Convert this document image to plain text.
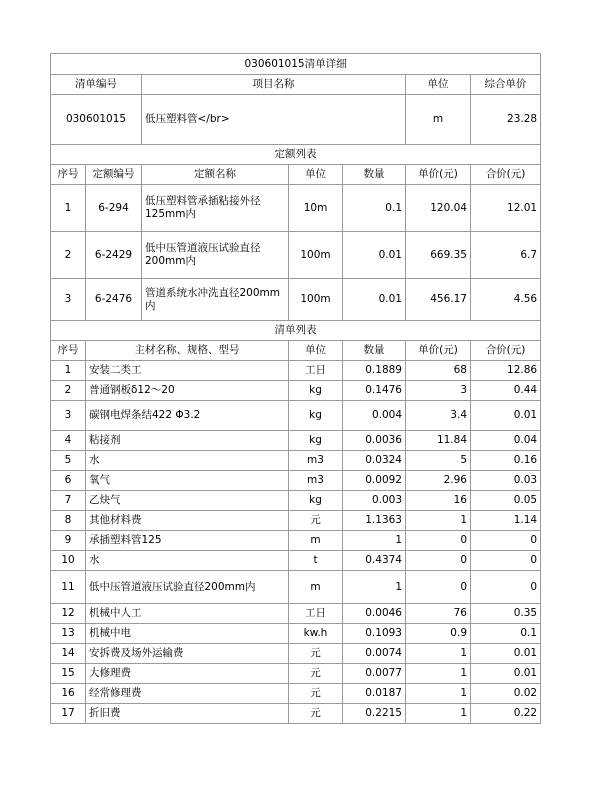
030601015清单详细						
清单编号		项目名称			单位	综合单价
030601015		低压塑料管</br>			m	23.28
定额列表						
序号	定额编号	定额名称	单位	数量	单价(元)	合价(元)
1	6-294	低压塑料管承插粘接外径125mm内	10m	0.1	120.04	12.01
2	6-2429	低中压管道液压试验直径200mm内	100m	0.01	669.35	6.7
3	6-2476	管道系统水冲洗直径200mm内	100m	0.01	456.17	4.56
清单列表						
序号	主材名称、规格、型号		单位	数量	单价(元)	合价(元)
1	安装二类工		工日	0.1889	68	12.86
2	普通钢板δ12～20		kg	0.1476	3	0.44
3	碳钢电焊条结422 Φ3.2		kg	0.004	3.4	0.01
4	粘接剂		kg	0.0036	11.84	0.04
5	水		m3	0.0324	5	0.16
6	氧气		m3	0.0092	2.96	0.03
7	乙炔气		kg	0.003	16	0.05
8	其他材料费		元	1.1363	1	1.14
9	承插塑料管125		m	1	0	0
10	水		t	0.4374	0	0
11	低中压管道液压试验直径200mm内		m	1	0	0
12	机械中人工		工日	0.0046	76	0.35
13	机械中电		kw.h	0.1093	0.9	0.1
14	安拆费及场外运输费		元	0.0074	1	0.01
15	大修理费		元	0.0077	1	0.01
16	经常修理费		元	0.0187	1	0.02
17	折旧费		元	0.2215	1	0.22
